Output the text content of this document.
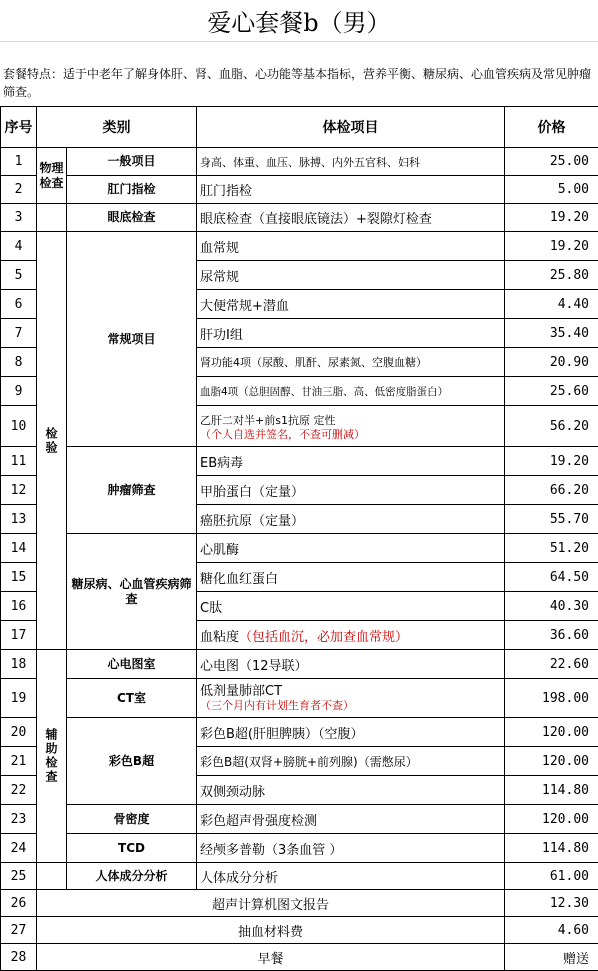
爱心套餐b（男）
套餐特点：适于中老年了解身体肝、肾、血脂、心功能等基本指标，营养平衡、糖尿病、心血管疾病及常见肿瘤筛查。
序号	类别		体检项目	价格
1	物理检查	一般项目	身高、体重、血压、脉搏、内外五官科、妇科	25.00
2		肛门指检	肛门指检	5.00
3		眼底检查	眼底检查（直接眼底镜法）+裂隙灯检查	19.20
4	检验	常规项目	血常规	19.20
5			尿常规	25.80
6			大便常规+潜血	4.40
7			肝功Ⅰ组	35.40
8			肾功能4项（尿酸、肌酐、尿素氮、空腹血糖）	20.90
9			血脂4项（总胆固醇、甘油三脂、高、低密度脂蛋白）	25.60
10			乙肝二对半+前s1抗原 定性
（个人自选并签名，不查可删减）	56.20
11		肿瘤筛查	EB病毒	19.20
12			甲胎蛋白（定量）	66.20
13			癌胚抗原（定量）	55.70
14		糖尿病、心血管疾病筛查	心肌酶	51.20
15			糖化血红蛋白	64.50
16			C肽	40.30
17			血粘度（包括血沉，必加查血常规）	36.60
18	辅助检查	心电图室	心电图（12导联）	22.60
19		CT室	低剂量肺部CT
（三个月内有计划生育者不查）	198.00
20		彩色B超	彩色B超(肝胆脾胰）（空腹）	120.00
21			彩色B超(双肾+膀胱+前列腺)（需憋尿）	120.00
22			双侧颈动脉	114.80
23		骨密度	彩色超声骨强度检测	120.00
24		TCD	经颅多普勒（3条血管 ）	114.80
25		人体成分分析	人体成分分析	61.00
26	超声计算机图文报告			12.30
27	抽血材料费			4.60
28	早餐			赠送
